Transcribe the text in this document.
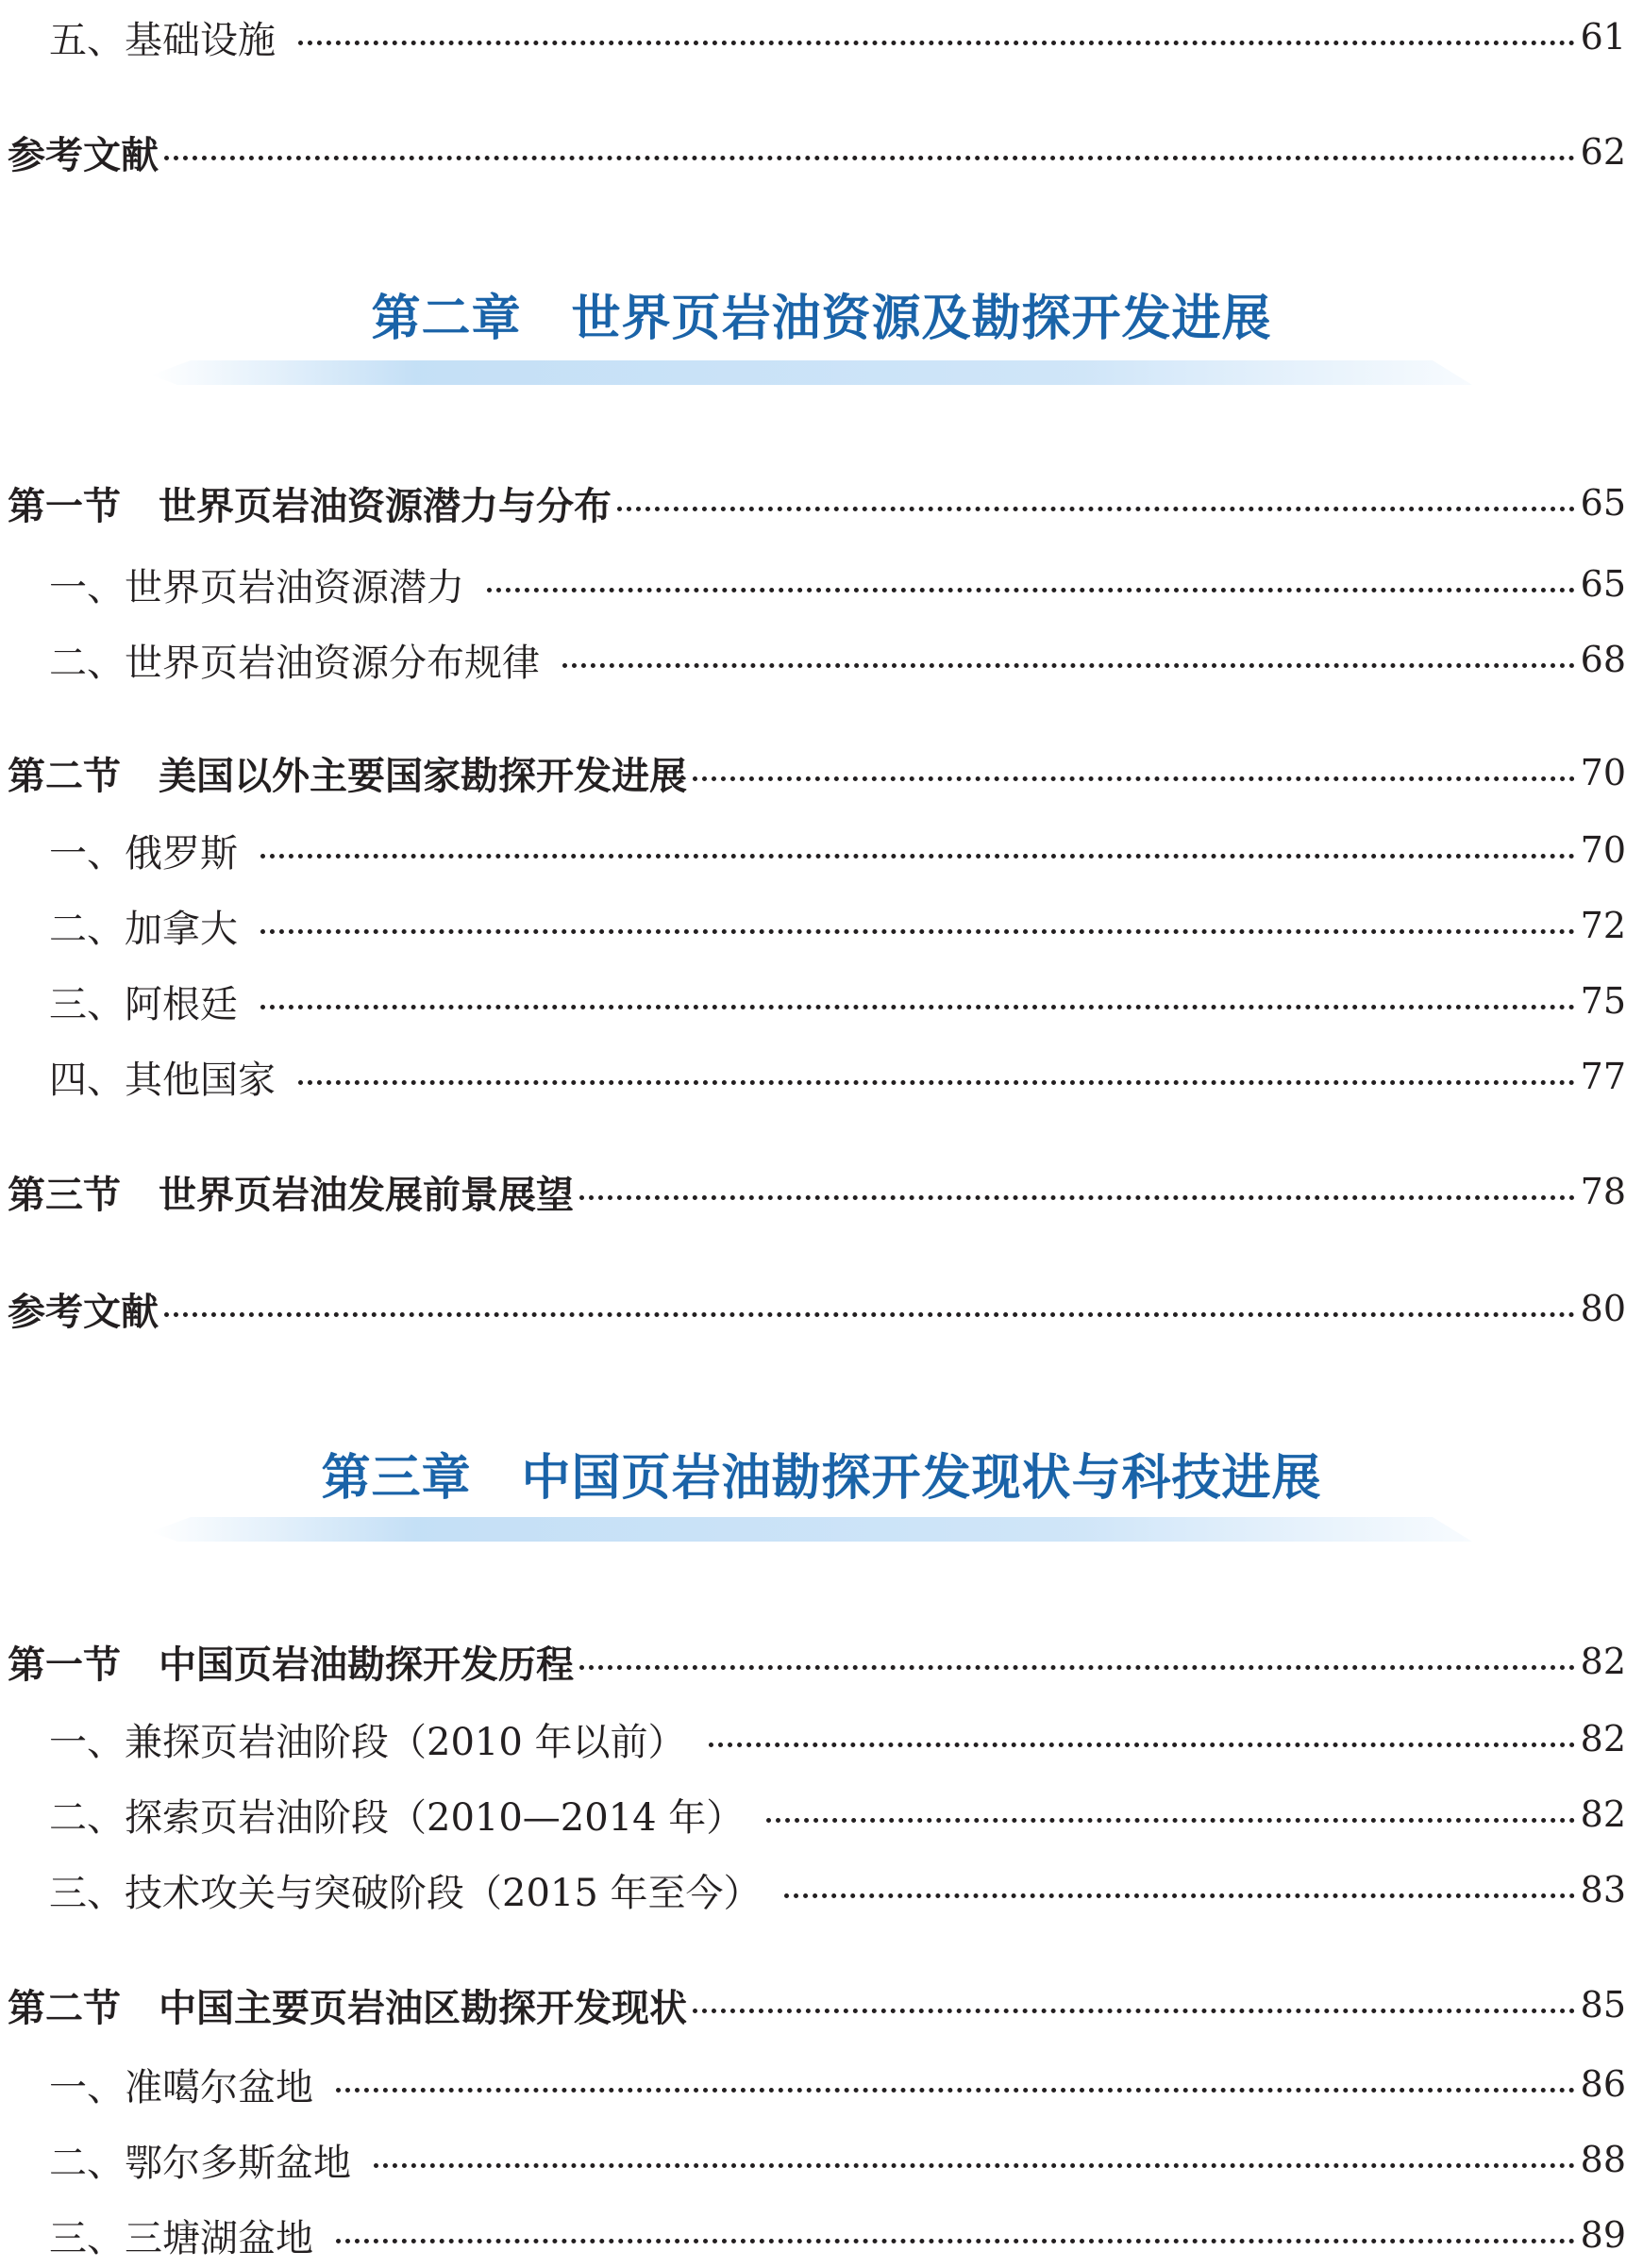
五、基础设施	61
参考文献	62
第二章　世界页岩油资源及勘探开发进展
第一节　世界页岩油资源潜力与分布	65
一、世界页岩油资源潜力	65
二、世界页岩油资源分布规律	68
第二节　美国以外主要国家勘探开发进展	70
一、俄罗斯	70
二、加拿大	72
三、阿根廷	75
四、其他国家	77
第三节　世界页岩油发展前景展望	78
参考文献	80
第三章　中国页岩油勘探开发现状与科技进展
第一节　中国页岩油勘探开发历程	82
一、兼探页岩油阶段（2010 年以前）	82
二、探索页岩油阶段（2010—2014 年）	82
三、技术攻关与突破阶段（2015 年至今）	83
第二节　中国主要页岩油区勘探开发现状	85
一、准噶尔盆地	86
二、鄂尔多斯盆地	88
三、三塘湖盆地	89
